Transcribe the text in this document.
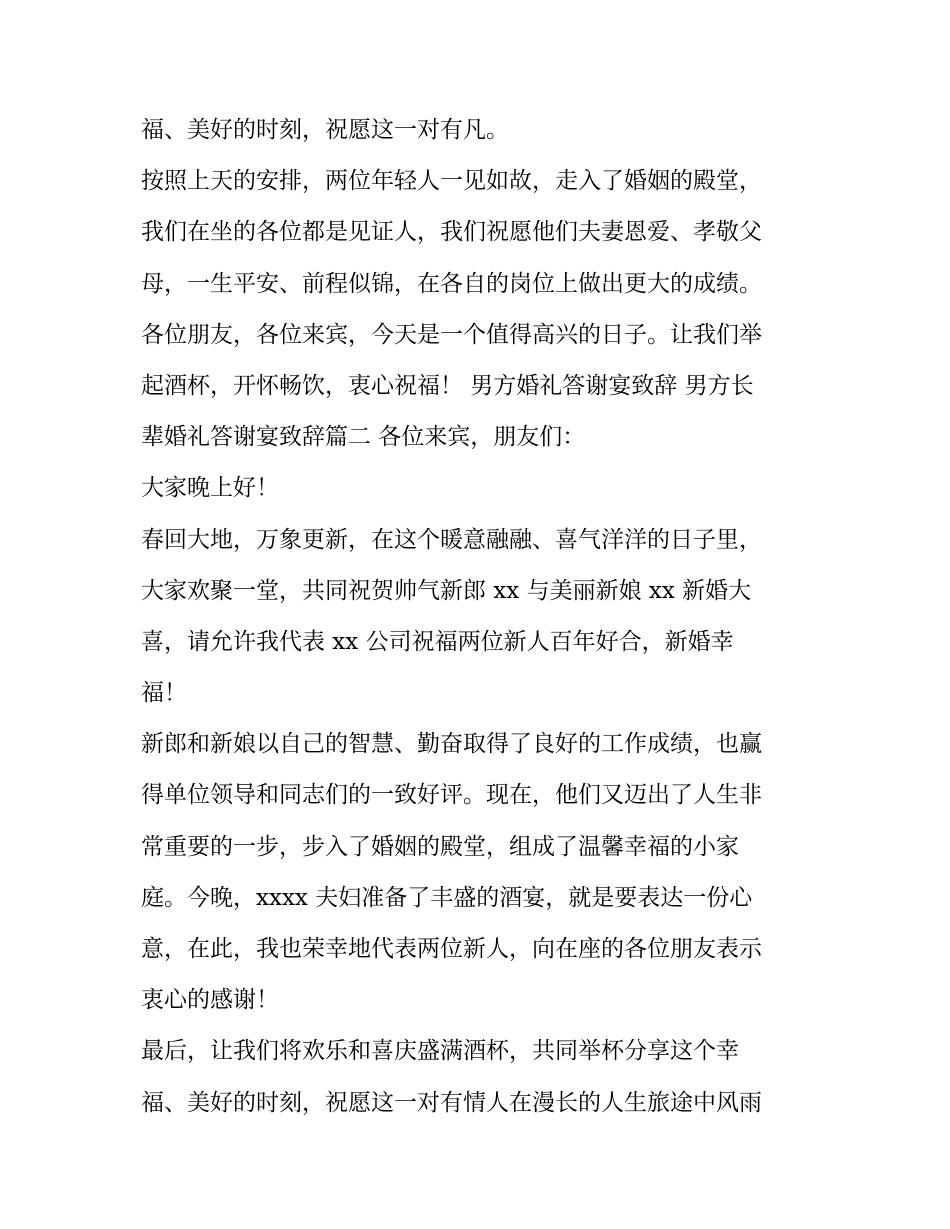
福、美好的时刻，祝愿这一对有凡。
按照上天的安排，两位年轻人一见如故，走入了婚姻的殿堂，
我们在坐的各位都是见证人，我们祝愿他们夫妻恩爱、孝敬父
母，一生平安、前程似锦，在各自的岗位上做出更大的成绩。
各位朋友，各位来宾，今天是一个值得高兴的日子。让我们举
起酒杯，开怀畅饮，衷心祝福！ 男方婚礼答谢宴致辞 男方长
辈婚礼答谢宴致辞篇二 各位来宾，朋友们：
大家晚上好！
春回大地，万象更新，在这个暖意融融、喜气洋洋的日子里，
大家欢聚一堂，共同祝贺帅气新郎 xx 与美丽新娘 xx 新婚大
喜，请允许我代表 xx 公司祝福两位新人百年好合，新婚幸
福！
新郎和新娘以自己的智慧、勤奋取得了良好的工作成绩，也赢
得单位领导和同志们的一致好评。现在，他们又迈出了人生非
常重要的一步，步入了婚姻的殿堂，组成了温馨幸福的小家
庭。今晚，xxxx 夫妇准备了丰盛的酒宴，就是要表达一份心
意，在此，我也荣幸地代表两位新人，向在座的各位朋友表示
衷心的感谢！
最后，让我们将欢乐和喜庆盛满酒杯，共同举杯分享这个幸
福、美好的时刻，祝愿这一对有情人在漫长的人生旅途中风雨
